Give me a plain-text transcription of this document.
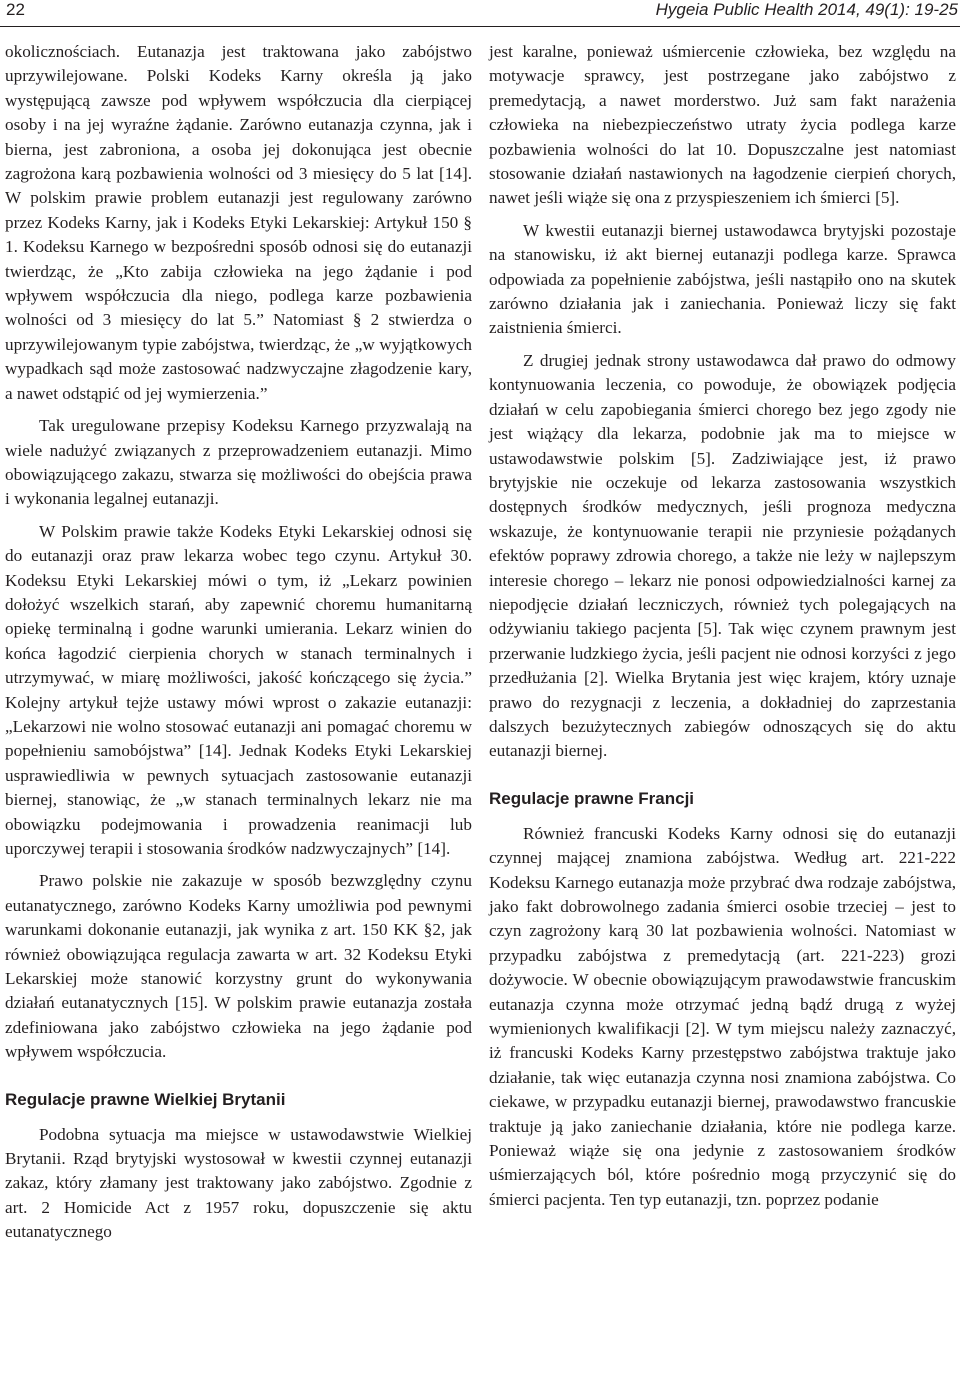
22	Hygeia Public Health 2014, 49(1): 19-25

okolicznościach. Eutanazja jest traktowana jako zabójstwo uprzywilejowane. Polski Kodeks Karny określa ją jako występującą zawsze pod wpływem współczucia dla cierpiącej osoby i na jej wyraźne żądanie. Zarówno eutanazja czynna, jak i bierna, jest zabroniona, a osoba jej dokonująca jest obecnie zagrożona karą pozbawienia wolności od 3 miesięcy do 5 lat [14]. W polskim prawie problem eutanazji jest regulowany zarówno przez Kodeks Karny, jak i Kodeks Etyki Lekarskiej: Artykuł 150 § 1. Kodeksu Karnego w bezpośredni sposób odnosi się do eutanazji twierdząc, że „Kto zabija człowieka na jego żądanie i pod wpływem współczucia dla niego, podlega karze pozbawienia wolności od 3 miesięcy do lat 5.” Natomiast § 2 stwierdza o uprzywilejowanym typie zabójstwa, twierdząc, że „w wyjątkowych wypadkach sąd może zastosować nadzwyczajne złagodzenie kary, a nawet odstąpić od jej wymierzenia.”

Tak uregulowane przepisy Kodeksu Karnego przyzwalają na wiele nadużyć związanych z przeprowadzeniem eutanazji. Mimo obowiązującego zakazu, stwarza się możliwości do obejścia prawa i wykonania legalnej eutanazji.

W Polskim prawie także Kodeks Etyki Lekarskiej odnosi się do eutanazji oraz praw lekarza wobec tego czynu. Artykuł 30. Kodeksu Etyki Lekarskiej mówi o tym, iż „Lekarz powinien dołożyć wszelkich starań, aby zapewnić choremu humanitarną opiekę terminalną i godne warunki umierania. Lekarz winien do końca łagodzić cierpienia chorych w stanach terminalnych i utrzymywać, w miarę możliwości, jakość kończącego się życia.” Kolejny artykuł tejże ustawy mówi wprost o zakazie eutanazji: „Lekarzowi nie wolno stosować eutanazji ani pomagać choremu w popełnieniu samobójstwa” [14]. Jednak Kodeks Etyki Lekarskiej usprawiedliwia w pewnych sytuacjach zastosowanie eutanazji biernej, stanowiąc, że „w stanach terminalnych lekarz nie ma obowiązku podejmowania i prowadzenia reanimacji lub uporczywej terapii i stosowania środków nadzwyczajnych” [14].

Prawo polskie nie zakazuje w sposób bezwzględny czynu eutanatycznego, zarówno Kodeks Karny umożliwia pod pewnymi warunkami dokonanie eutanazji, jak wynika z art. 150 KK §2, jak również obowiązująca regulacja zawarta w art. 32 Kodeksu Etyki Lekarskiej może stanowić korzystny grunt do wykonywania działań eutanatycznych [15]. W polskim prawie eutanazja została zdefiniowana jako zabójstwo człowieka na jego żądanie pod wpływem współczucia.

Regulacje prawne Wielkiej Brytanii

Podobna sytuacja ma miejsce w ustawodawstwie Wielkiej Brytanii. Rząd brytyjski wystosował w kwestii czynnej eutanazji zakaz, który złamany jest traktowany jako zabójstwo. Zgodnie z art. 2 Homicide Act z 1957 roku, dopuszczenie się aktu eutanatycznego

jest karalne, ponieważ uśmiercenie człowieka, bez względu na motywacje sprawcy, jest postrzegane jako zabójstwo z premedytacją, a nawet morderstwo. Już sam fakt narażenia człowieka na niebezpieczeństwo utraty życia podlega karze pozbawienia wolności do lat 10. Dopuszczalne jest natomiast stosowanie działań nastawionych na łagodzenie cierpień chorych, nawet jeśli wiąże się ona z przyspieszeniem ich śmierci [5].

W kwestii eutanazji biernej ustawodawca brytyjski pozostaje na stanowisku, iż akt biernej eutanazji podlega karze. Sprawca odpowiada za popełnienie zabójstwa, jeśli nastąpiło ono na skutek zarówno działania jak i zaniechania. Ponieważ liczy się fakt zaistnienia śmierci.

Z drugiej jednak strony ustawodawca dał prawo do odmowy kontynuowania leczenia, co powoduje, że obowiązek podjęcia działań w celu zapobiegania śmierci chorego bez jego zgody nie jest wiążący dla lekarza, podobnie jak ma to miejsce w ustawodawstwie polskim [5]. Zadziwiające jest, iż prawo brytyjskie nie oczekuje od lekarza zastosowania wszystkich dostępnych środków medycznych, jeśli prognoza medyczna wskazuje, że kontynuowanie terapii nie przyniesie pożądanych efektów poprawy zdrowia chorego, a także nie leży w najlepszym interesie chorego – lekarz nie ponosi odpowiedzialności karnej za niepodjęcie działań leczniczych, również tych polegających na odżywianiu takiego pacjenta [5]. Tak więc czynem prawnym jest przerwanie ludzkiego życia, jeśli pacjent nie odnosi korzyści z jego przedłużania [2]. Wielka Brytania jest więc krajem, który uznaje prawo do rezygnacji z leczenia, a dokładniej do zaprzestania dalszych bezużytecznych zabiegów odnoszących się do aktu eutanazji biernej.

Regulacje prawne Francji

Również francuski Kodeks Karny odnosi się do eutanazji czynnej mającej znamiona zabójstwa. Według art. 221-222 Kodeksu Karnego eutanazja może przybrać dwa rodzaje zabójstwa, jako fakt dobrowolnego zadania śmierci osobie trzeciej – jest to czyn zagrożony karą 30 lat pozbawienia wolności. Natomiast w przypadku zabójstwa z premedytacją (art. 221-223) grozi dożywocie. W obecnie obowiązującym prawodawstwie francuskim eutanazja czynna może otrzymać jedną bądź drugą z wyżej wymienionych kwalifikacji [2]. W tym miejscu należy zaznaczyć, iż francuski Kodeks Karny przestępstwo zabójstwa traktuje jako działanie, tak więc eutanazja czynna nosi znamiona zabójstwa. Co ciekawe, w przypadku eutanazji biernej, prawodawstwo francuskie traktuje ją jako zaniechanie działania, które nie podlega karze. Ponieważ wiąże się ona jedynie z zastosowaniem środków uśmierzających ból, które pośrednio mogą przyczynić się do śmierci pacjenta. Ten typ eutanazji, tzn. poprzez podanie
